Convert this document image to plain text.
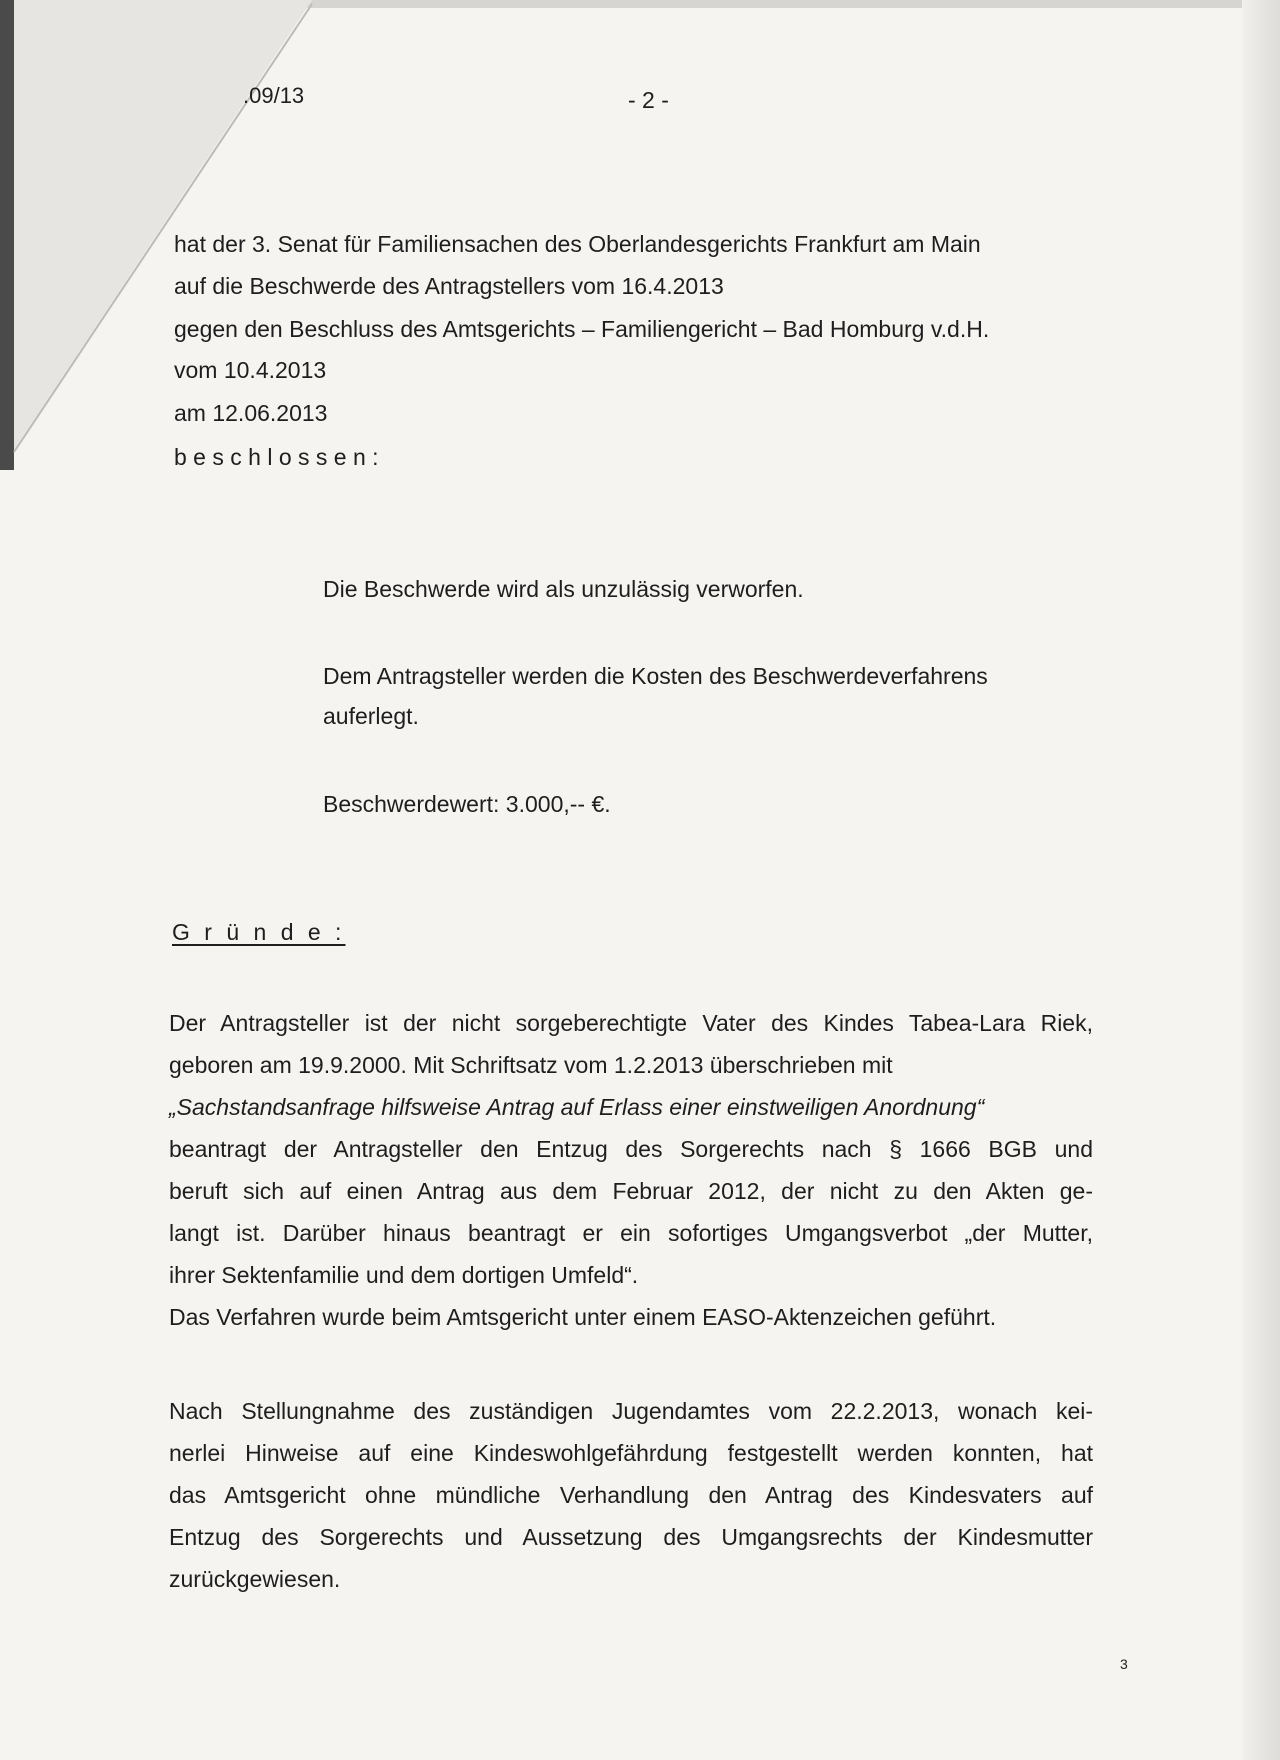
.09/13	- 2 -
hat der 3. Senat für Familiensachen des Oberlandesgerichts Frankfurt am Main
auf die Beschwerde des Antragstellers vom 16.4.2013
gegen den Beschluss des Amtsgerichts – Familiengericht – Bad Homburg v.d.H.
vom 10.4.2013
am 12.06.2013
b e s c h l o s s e n :
Die Beschwerde wird als unzulässig verworfen.
Dem Antragsteller werden die Kosten des Beschwerdeverfahrens
auferlegt.
Beschwerdewert: 3.000,-- €.
G r ü n d e :

Der Antragsteller ist der nicht sorgeberechtigte Vater des Kindes Tabea-Lara Riek,

geboren am 19.9.2000. Mit Schriftsatz vom 1.2.2013 überschrieben mit

„Sachstandsanfrage hilfsweise Antrag auf Erlass einer einstweiligen Anordnung“

beantragt der Antragsteller den Entzug des Sorgerechts nach § 1666 BGB und

beruft sich auf einen Antrag aus dem Februar 2012, der nicht zu den Akten ge-

langt ist. Darüber hinaus beantragt er ein sofortiges Umgangsverbot „der Mutter,

ihrer Sektenfamilie und dem dortigen Umfeld“.

Das Verfahren wurde beim Amtsgericht unter einem EASO-Aktenzeichen geführt.

Nach Stellungnahme des zuständigen Jugendamtes vom 22.2.2013, wonach kei-

nerlei Hinweise auf eine Kindeswohlgefährdung festgestellt werden konnten, hat

das Amtsgericht ohne mündliche Verhandlung den Antrag des Kindesvaters auf

Entzug des Sorgerechts und Aussetzung des Umgangsrechts der Kindesmutter

zurückgewiesen.

3
